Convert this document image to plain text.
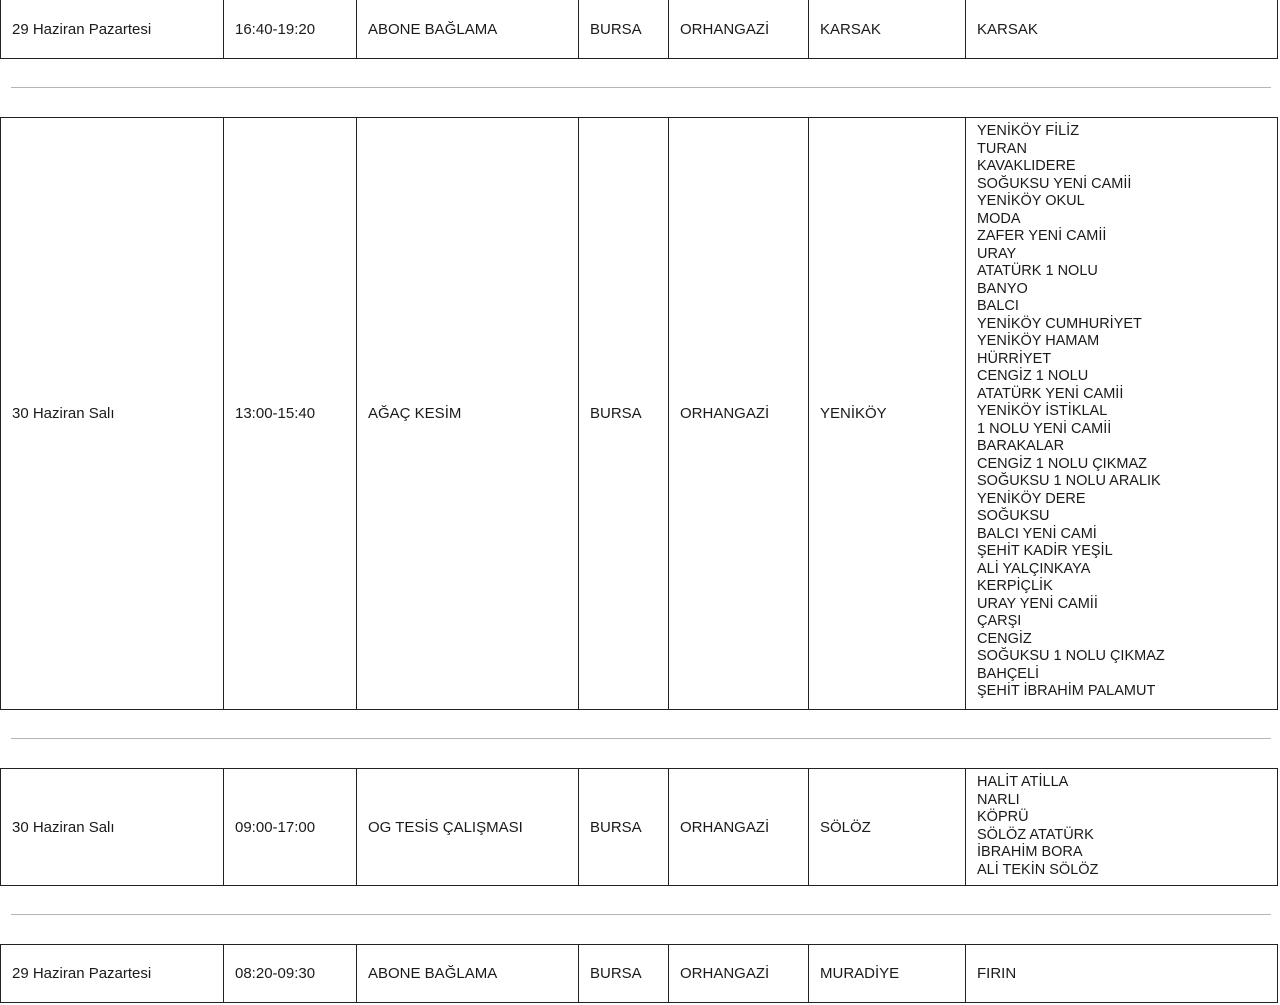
29 Haziran Pazartesi	16:40-19:20	ABONE BAĞLAMA	BURSA	ORHANGAZİ	KARSAK	KARSAK
30 Haziran Salı	13:00-15:40	AĞAÇ KESİM	BURSA	ORHANGAZİ	YENİKÖY
YENİKÖY FİLİZ
TURAN
KAVAKLIDERE
SOĞUKSU YENİ CAMİİ
YENİKÖY OKUL
MODA
ZAFER YENİ CAMİİ
URAY
ATATÜRK 1 NOLU
BANYO
BALCI
YENİKÖY CUMHURİYET
YENİKÖY HAMAM
HÜRRİYET
CENGİZ 1 NOLU
ATATÜRK YENİ CAMİİ
YENİKÖY İSTİKLAL
1 NOLU YENİ CAMİİ
BARAKALAR
CENGİZ 1 NOLU ÇIKMAZ
SOĞUKSU 1 NOLU ARALIK
YENİKÖY DERE
SOĞUKSU
BALCI YENİ CAMİ
ŞEHİT KADİR YEŞİL
ALİ YALÇINKAYA
KERPİÇLİK
URAY YENİ CAMİİ
ÇARŞI
CENGİZ
SOĞUKSU 1 NOLU ÇIKMAZ
BAHÇELİ
ŞEHİT İBRAHİM PALAMUT
30 Haziran Salı	09:00-17:00	OG TESİS ÇALIŞMASI	BURSA	ORHANGAZİ	SÖLÖZ
HALİT ATİLLA
NARLI
KÖPRÜ
SÖLÖZ ATATÜRK
İBRAHİM BORA
ALİ TEKİN SÖLÖZ
29 Haziran Pazartesi	08:20-09:30	ABONE BAĞLAMA	BURSA	ORHANGAZİ	MURADİYE	FIRIN
